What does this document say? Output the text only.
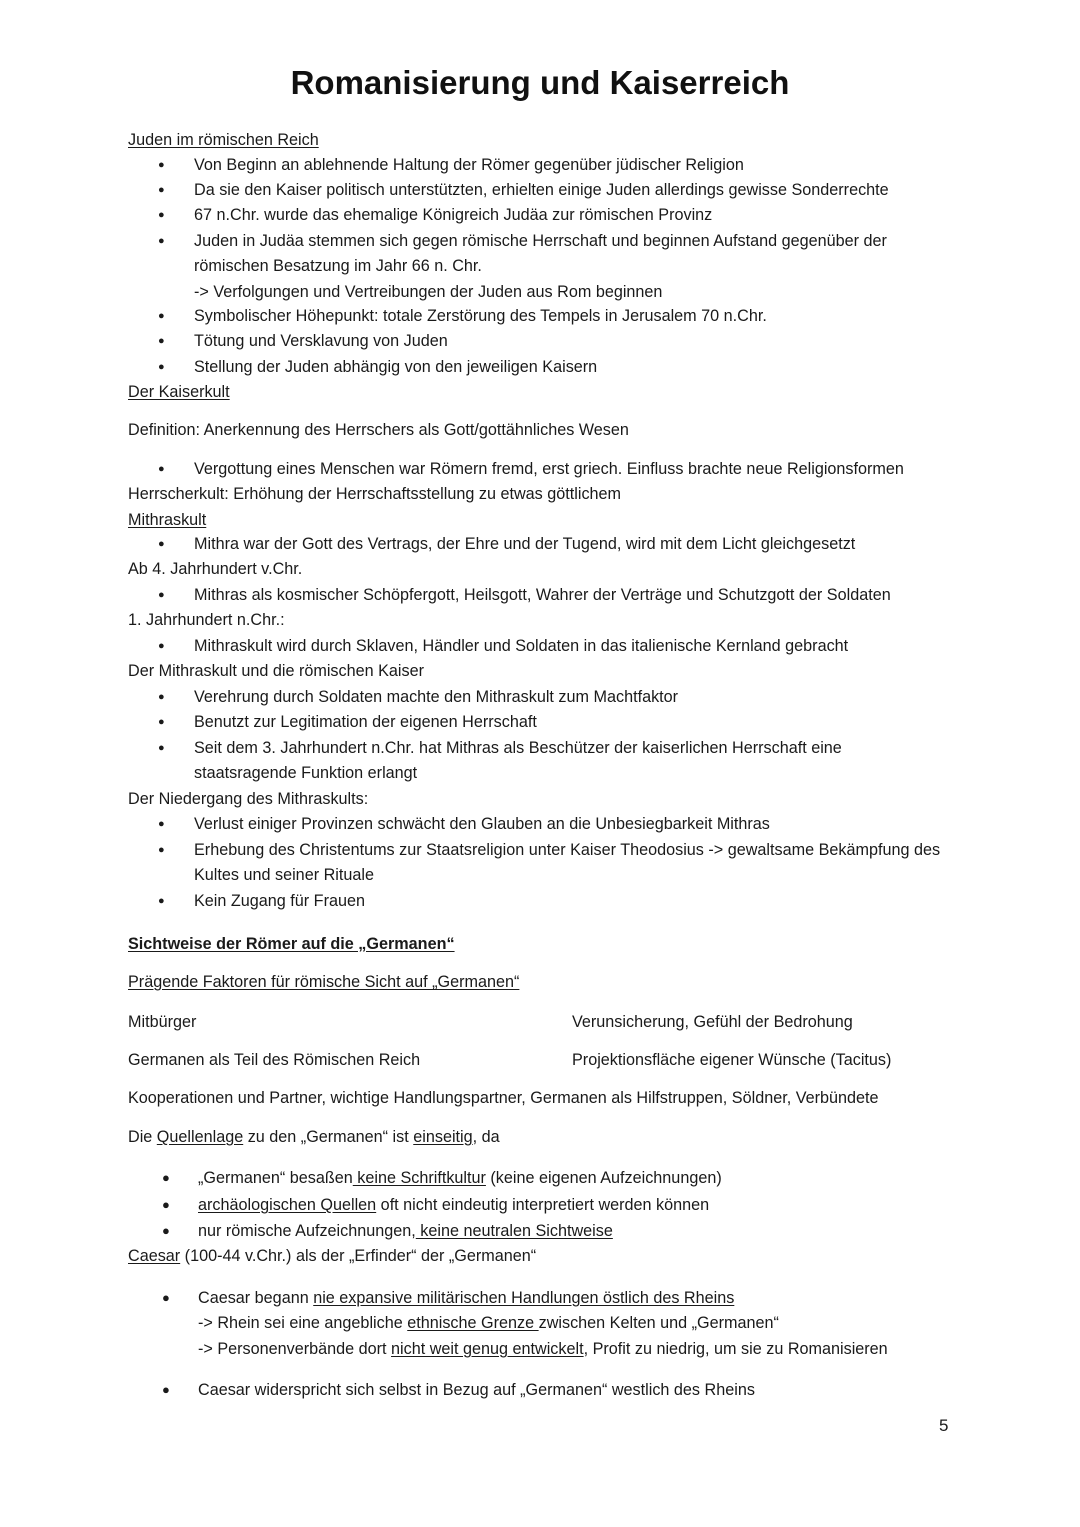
Romanisierung und Kaiserreich
Juden im römischen Reich
● Von Beginn an ablehnende Haltung der Römer gegenüber jüdischer Religion
● Da sie den Kaiser politisch unterstützten, erhielten einige Juden allerdings gewisse Sonderrechte
● 67 n.Chr. wurde das ehemalige Königreich Judäa zur römischen Provinz
● Juden in Judäa stemmen sich gegen römische Herrschaft und beginnen Aufstand gegenüber der
römischen Besatzung im Jahr 66 n. Chr.
-> Verfolgungen und Vertreibungen der Juden aus Rom beginnen
● Symbolischer Höhepunkt: totale Zerstörung des Tempels in Jerusalem 70 n.Chr.
● Tötung und Versklavung von Juden
● Stellung der Juden abhängig von den jeweiligen Kaisern
Der Kaiserkult
Definition: Anerkennung des Herrschers als Gott/gottähnliches Wesen
● Vergottung eines Menschen war Römern fremd, erst griech. Einfluss brachte neue Religionsformen
Herrscherkult: Erhöhung der Herrschaftsstellung zu etwas göttlichem
Mithraskult
● Mithra war der Gott des Vertrags, der Ehre und der Tugend, wird mit dem Licht gleichgesetzt
Ab 4. Jahrhundert v.Chr.
● Mithras als kosmischer Schöpfergott, Heilsgott, Wahrer der Verträge und Schutzgott der Soldaten
1. Jahrhundert n.Chr.:
● Mithraskult wird durch Sklaven, Händler und Soldaten in das italienische Kernland gebracht
Der Mithraskult und die römischen Kaiser
● Verehrung durch Soldaten machte den Mithraskult zum Machtfaktor
● Benutzt zur Legitimation der eigenen Herrschaft
● Seit dem 3. Jahrhundert n.Chr. hat Mithras als Beschützer der kaiserlichen Herrschaft eine
staatsragende Funktion erlangt
Der Niedergang des Mithraskults:
● Verlust einiger Provinzen schwächt den Glauben an die Unbesiegbarkeit Mithras
● Erhebung des Christentums zur Staatsreligion unter Kaiser Theodosius -> gewaltsame Bekämpfung des
Kultes und seiner Rituale
● Kein Zugang für Frauen
Sichtweise der Römer auf die „Germanen“
Prägende Faktoren für römische Sicht auf „Germanen“
Mitbürger	Verunsicherung, Gefühl der Bedrohung
Germanen als Teil des Römischen Reich	Projektionsfläche eigener Wünsche (Tacitus)
Kooperationen und Partner, wichtige Handlungspartner, Germanen als Hilfstruppen, Söldner, Verbündete
Die Quellenlage zu den „Germanen“ ist einseitig, da
● „Germanen“ besaßen keine Schriftkultur (keine eigenen Aufzeichnungen)
● archäologischen Quellen oft nicht eindeutig interpretiert werden können
● nur römische Aufzeichnungen, keine neutralen Sichtweise
Caesar (100-44 v.Chr.) als der „Erfinder“ der „Germanen“
● Caesar begann nie expansive militärischen Handlungen östlich des Rheins
-> Rhein sei eine angebliche ethnische Grenze zwischen Kelten und „Germanen“
-> Personenverbände dort nicht weit genug entwickelt, Profit zu niedrig, um sie zu Romanisieren
● Caesar widerspricht sich selbst in Bezug auf „Germanen“ westlich des Rheins
5
